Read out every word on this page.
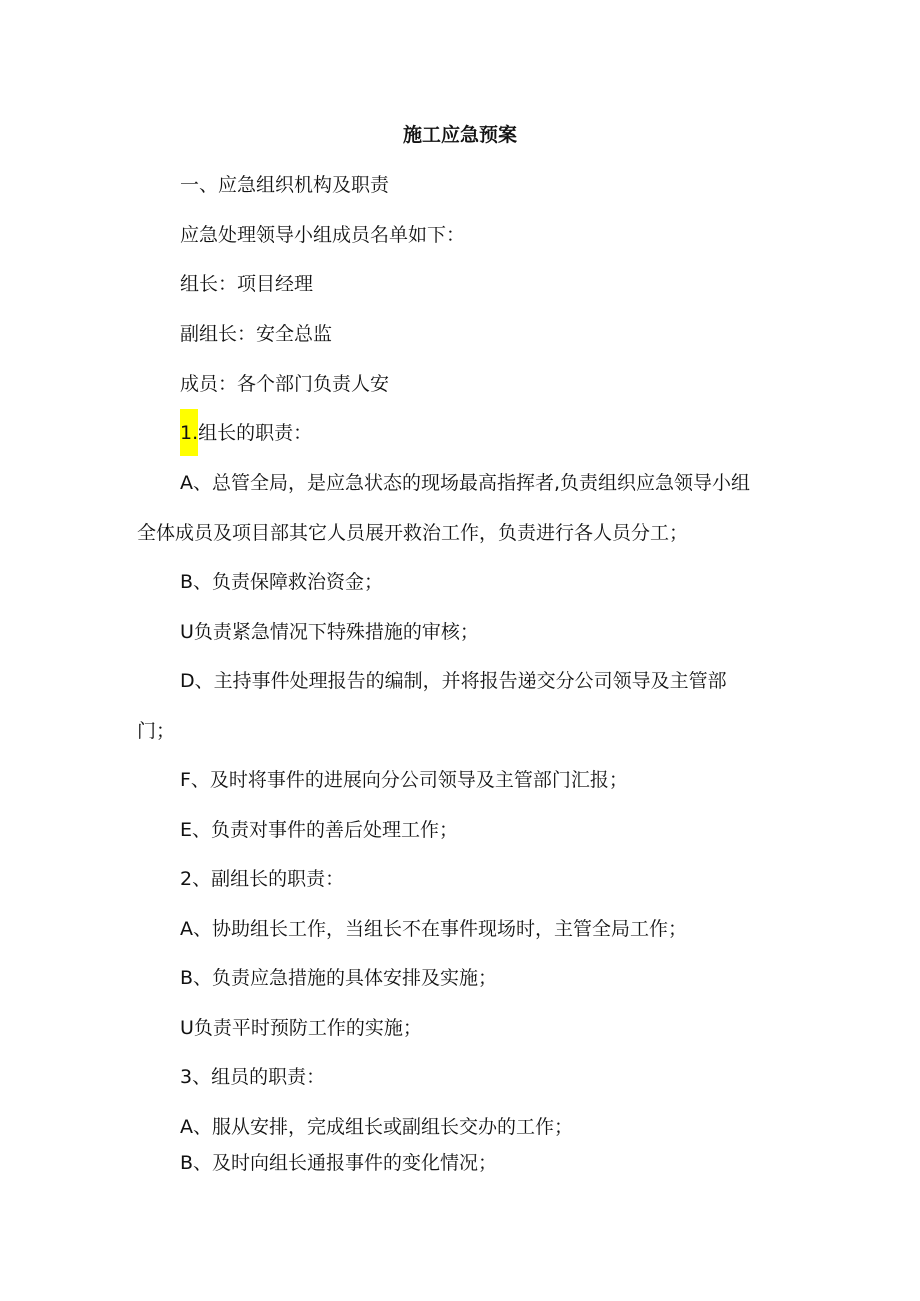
施工应急预案
一、应急组织机构及职责
应急处理领导小组成员名单如下：
组长：项目经理
副组长：安全总监
成员：各个部门负责人安
1.组长的职责：
A、总管全局，是应急状态的现场最高指挥者,负责组织应急领导小组
全体成员及项目部其它人员展开救治工作，负责进行各人员分工；
B、负责保障救治资金；
U负责紧急情况下特殊措施的审核；
D、主持事件处理报告的编制，并将报告递交分公司领导及主管部
门；
F、及时将事件的进展向分公司领导及主管部门汇报；
E、负责对事件的善后处理工作；
2、副组长的职责：
A、协助组长工作，当组长不在事件现场时，主管全局工作；
B、负责应急措施的具体安排及实施；
U负责平时预防工作的实施；
3、组员的职责：
A、服从安排，完成组长或副组长交办的工作；
B、及时向组长通报事件的变化情况；
